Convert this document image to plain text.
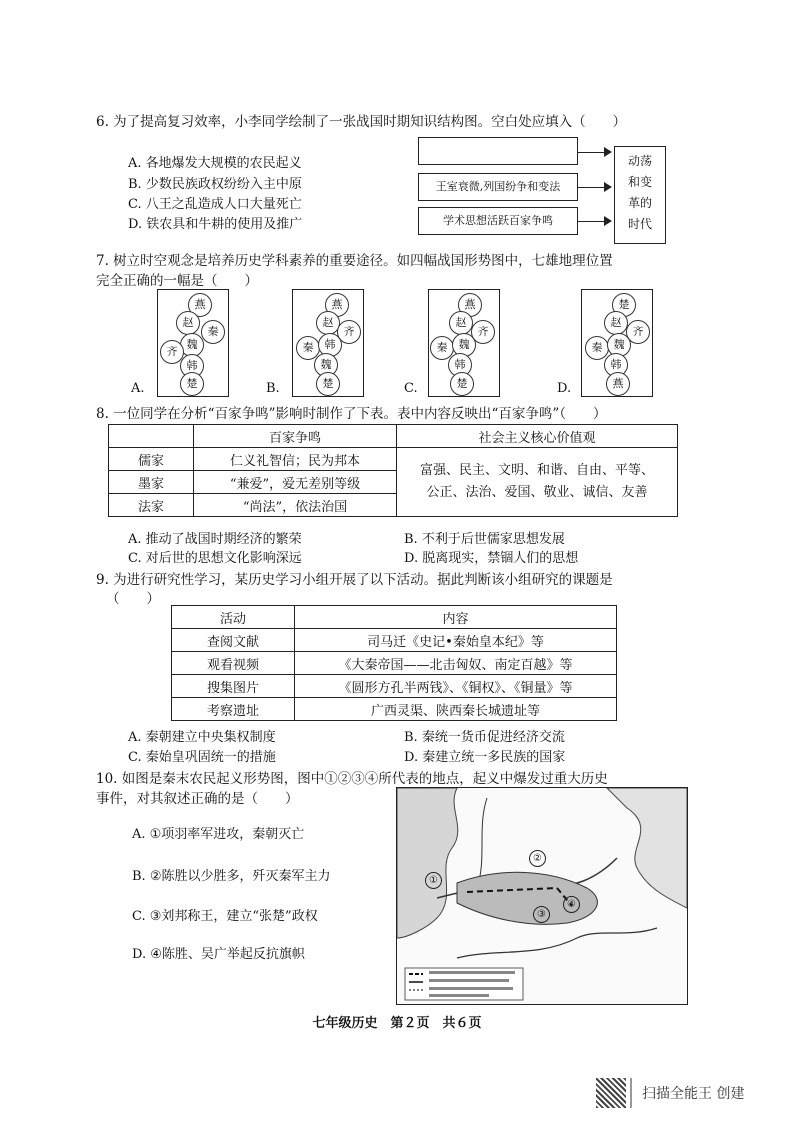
6. 为了提高复习效率，小李同学绘制了一张战国时期知识结构图。空白处应填入（　　）
A. 各地爆发大规模的农民起义
B. 少数民族政权纷纷入主中原
C. 八王之乱造成人口大量死亡
D. 铁农具和牛耕的使用及推广
王室衰微,列国纷争和变法
学术思想活跃百家争鸣
动荡
和变
革的
时代
7. 树立时空观念是培养历史学科素养的重要途径。如四幅战国形势图中，七雄地理位置
完全正确的一幅是（　　）
A.	B.	C.	D.
燕
赵
秦
魏
齐
韩
楚
燕
赵
齐
秦	韩
魏
楚
燕
赵
齐
秦	魏
韩
楚
楚
赵
齐
秦	魏
韩
燕
8. 一位同学在分析“百家争鸣”影响时制作了下表。表中内容反映出“百家争鸣”（　　）
	百家争鸣	社会主义核心价值观
儒家	仁义礼智信；民为邦本	富强、民主、文明、和谐、自由、平等、
公正、法治、爱国、敬业、诚信、友善

墨家	“兼爱”，爱无差别等级	
法家	“尚法”，依法治国	
A. 推动了战国时期经济的繁荣	B. 不利于后世儒家思想发展
C. 对后世的思想文化影响深远	D. 脱离现实，禁锢人们的思想
9. 为进行研究性学习，某历史学习小组开展了以下活动。据此判断该小组研究的课题是
（　　）
活动	内容
查阅文献	司马迁《史记•秦始皇本纪》等
观看视频	《大秦帝国——北击匈奴、南定百越》等
搜集图片	《圆形方孔半两钱》、《铜权》、《铜量》等
考察遗址	广西灵渠、陕西秦长城遗址等
A. 秦朝建立中央集权制度	B. 秦统一货币促进经济交流
C. 秦始皇巩固统一的措施	D. 秦建立统一多民族的国家
10. 如图是秦末农民起义形势图，图中①②③④所代表的地点，起义中爆发过重大历史
事件，对其叙述正确的是（　　）
A. ①项羽率军进攻，秦朝灭亡
B. ②陈胜以少胜多，歼灭秦军主力
C. ③刘邦称王，建立“张楚”政权
D. ④陈胜、吴广举起反抗旗帜
①
②
③
④
七年级历史　第２页　共６页
扫描全能王 创建
